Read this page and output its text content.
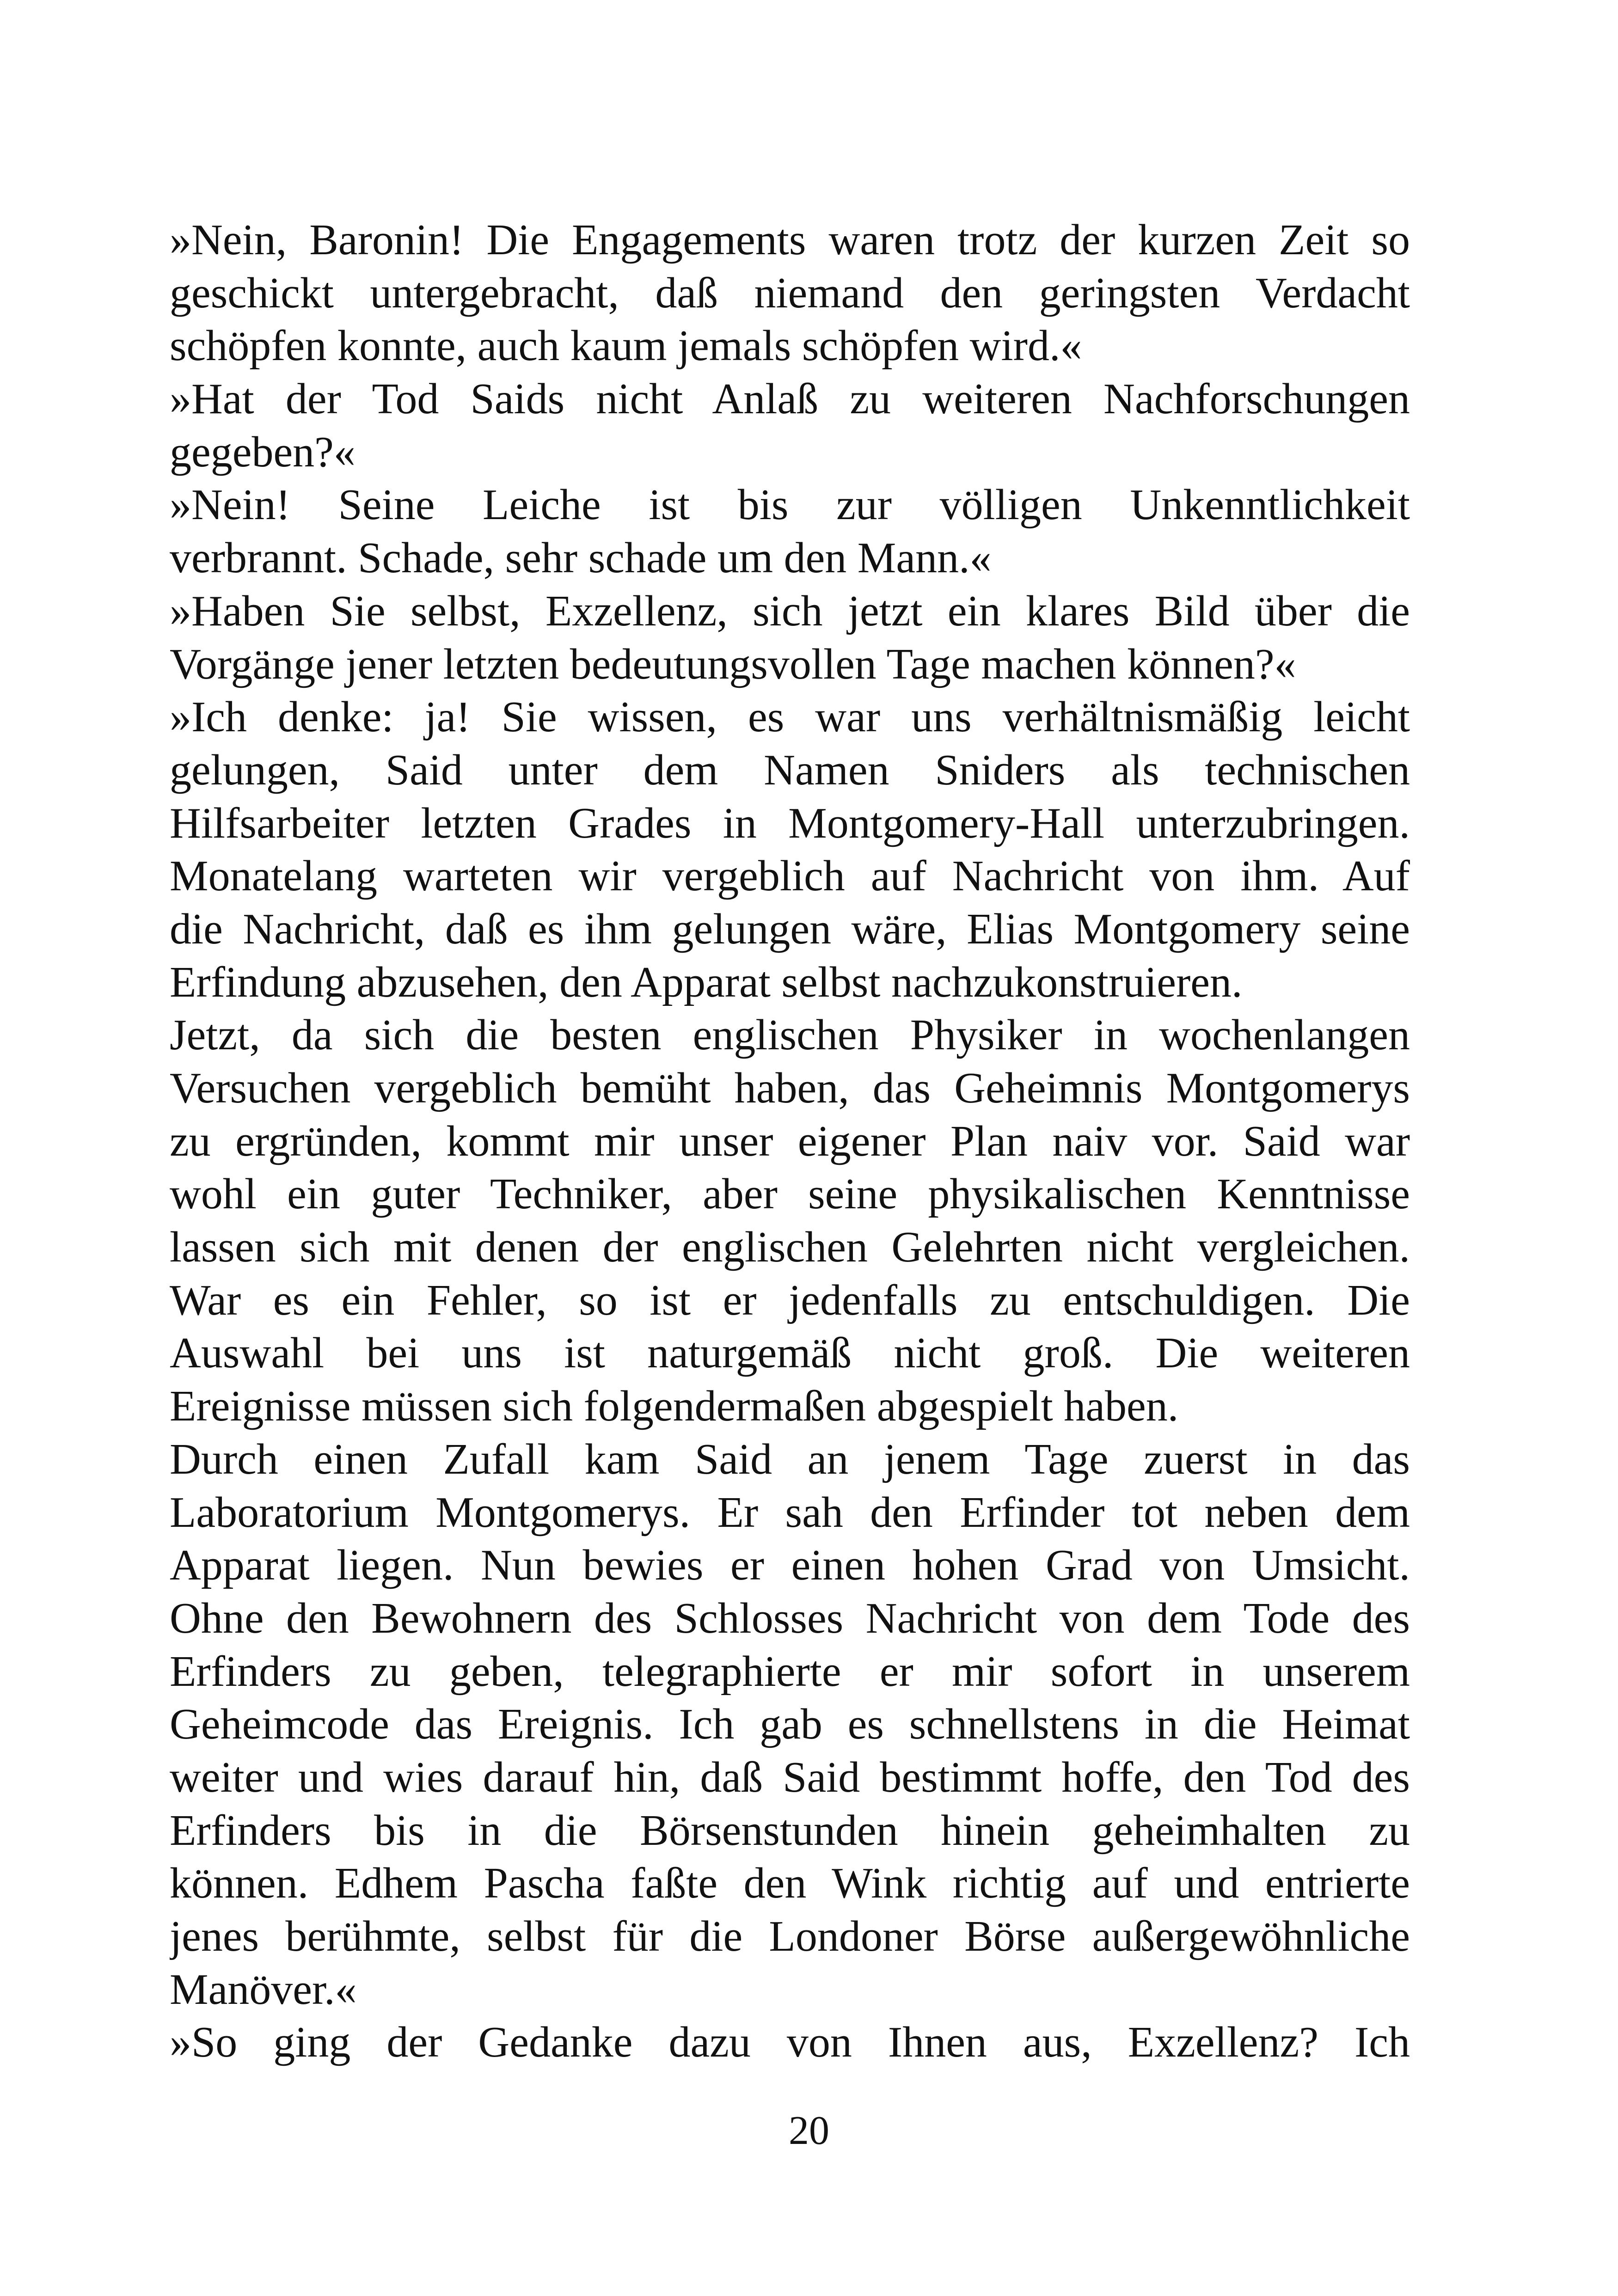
»Nein, Baronin! Die Engagements waren trotz der kurzen Zeit so
geschickt untergebracht, daß niemand den geringsten Verdacht
schöpfen konnte, auch kaum jemals schöpfen wird.«
»Hat der Tod Saids nicht Anlaß zu weiteren Nachforschungen
gegeben?«
»Nein! Seine Leiche ist bis zur völligen Unkenntlichkeit
verbrannt. Schade, sehr schade um den Mann.«
»Haben Sie selbst, Exzellenz, sich jetzt ein klares Bild über die
Vorgänge jener letzten bedeutungsvollen Tage machen können?«
»Ich denke: ja! Sie wissen, es war uns verhältnismäßig leicht
gelungen, Said unter dem Namen Sniders als technischen
Hilfsarbeiter letzten Grades in Montgomery-Hall unterzubringen.
Monatelang warteten wir vergeblich auf Nachricht von ihm. Auf
die Nachricht, daß es ihm gelungen wäre, Elias Montgomery seine
Erfindung abzusehen, den Apparat selbst nachzukonstruieren.
Jetzt, da sich die besten englischen Physiker in wochenlangen
Versuchen vergeblich bemüht haben, das Geheimnis Montgomerys
zu ergründen, kommt mir unser eigener Plan naiv vor. Said war
wohl ein guter Techniker, aber seine physikalischen Kenntnisse
lassen sich mit denen der englischen Gelehrten nicht vergleichen.
War es ein Fehler, so ist er jedenfalls zu entschuldigen. Die
Auswahl bei uns ist naturgemäß nicht groß. Die weiteren
Ereignisse müssen sich folgendermaßen abgespielt haben.
Durch einen Zufall kam Said an jenem Tage zuerst in das
Laboratorium Montgomerys. Er sah den Erfinder tot neben dem
Apparat liegen. Nun bewies er einen hohen Grad von Umsicht.
Ohne den Bewohnern des Schlosses Nachricht von dem Tode des
Erfinders zu geben, telegraphierte er mir sofort in unserem
Geheimcode das Ereignis. Ich gab es schnellstens in die Heimat
weiter und wies darauf hin, daß Said bestimmt hoffe, den Tod des
Erfinders bis in die Börsenstunden hinein geheimhalten zu
können. Edhem Pascha faßte den Wink richtig auf und entrierte
jenes berühmte, selbst für die Londoner Börse außergewöhnliche
Manöver.«
»So ging der Gedanke dazu von Ihnen aus, Exzellenz? Ich
20
